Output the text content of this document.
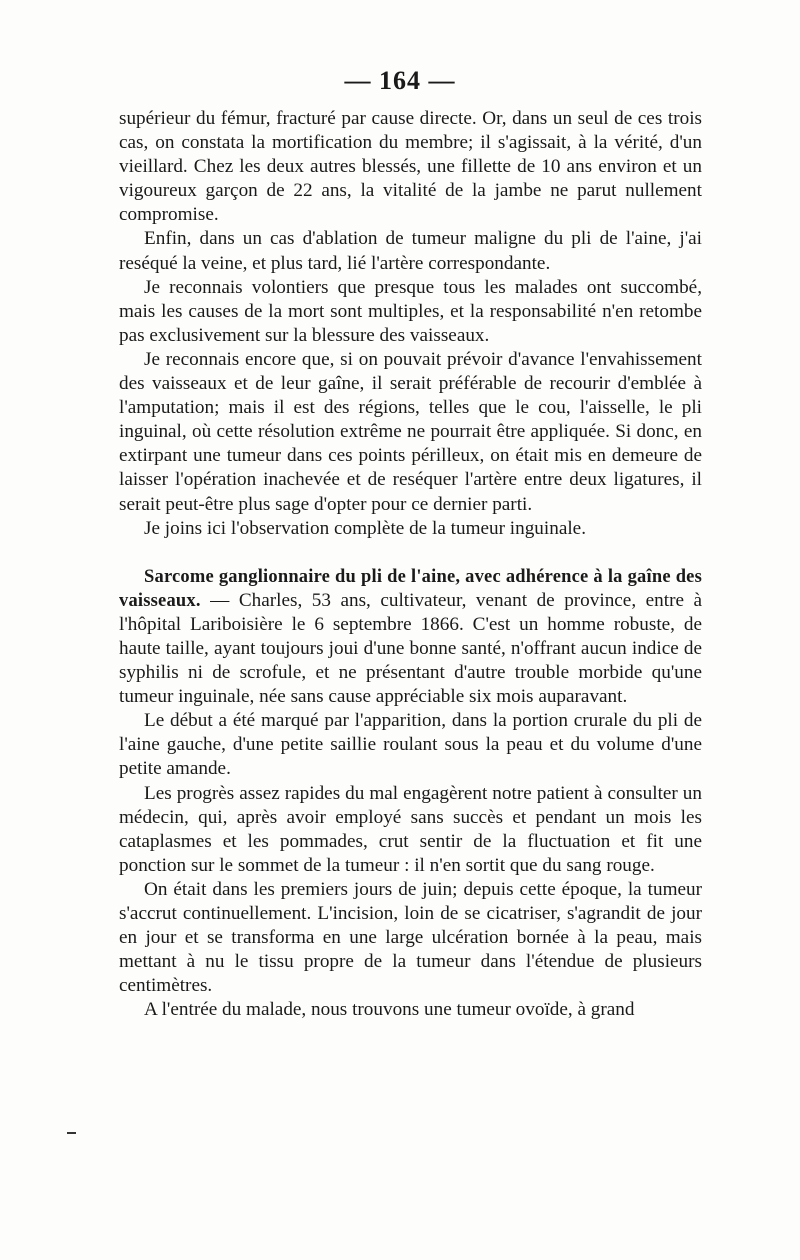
— 164 —

supérieur du fémur, fracturé par cause directe. Or, dans un seul de ces trois cas, on constata la mortification du membre; il s'agissait, à la vérité, d'un vieillard. Chez les deux autres blessés, une fillette de 10 ans environ et un vigoureux garçon de 22 ans, la vitalité de la jambe ne parut nullement compromise.

Enfin, dans un cas d'ablation de tumeur maligne du pli de l'aine, j'ai reséqué la veine, et plus tard, lié l'artère correspondante.

Je reconnais volontiers que presque tous les malades ont succombé, mais les causes de la mort sont multiples, et la responsabilité n'en retombe pas exclusivement sur la blessure des vaisseaux.

Je reconnais encore que, si on pouvait prévoir d'avance l'envahissement des vaisseaux et de leur gaîne, il serait préférable de recourir d'emblée à l'amputation; mais il est des régions, telles que le cou, l'aisselle, le pli inguinal, où cette résolution extrême ne pourrait être appliquée. Si donc, en extirpant une tumeur dans ces points périlleux, on était mis en demeure de laisser l'opération inachevée et de reséquer l'artère entre deux ligatures, il serait peut-être plus sage d'opter pour ce dernier parti.

Je joins ici l'observation complète de la tumeur inguinale.

Sarcome ganglionnaire du pli de l'aine, avec adhérence à la gaîne des vaisseaux. — Charles, 53 ans, cultivateur, venant de province, entre à l'hôpital Lariboisière le 6 septembre 1866. C'est un homme robuste, de haute taille, ayant toujours joui d'une bonne santé, n'offrant aucun indice de syphilis ni de scrofule, et ne présentant d'autre trouble morbide qu'une tumeur inguinale, née sans cause appréciable six mois auparavant.

Le début a été marqué par l'apparition, dans la portion crurale du pli de l'aine gauche, d'une petite saillie roulant sous la peau et du volume d'une petite amande.

Les progrès assez rapides du mal engagèrent notre patient à consulter un médecin, qui, après avoir employé sans succès et pendant un mois les cataplasmes et les pommades, crut sentir de la fluctuation et fit une ponction sur le sommet de la tumeur : il n'en sortit que du sang rouge.

On était dans les premiers jours de juin; depuis cette époque, la tumeur s'accrut continuellement. L'incision, loin de se cicatriser, s'agrandit de jour en jour et se transforma en une large ulcération bornée à la peau, mais mettant à nu le tissu propre de la tumeur dans l'étendue de plusieurs centimètres.

A l'entrée du malade, nous trouvons une tumeur ovoïde, à grand
